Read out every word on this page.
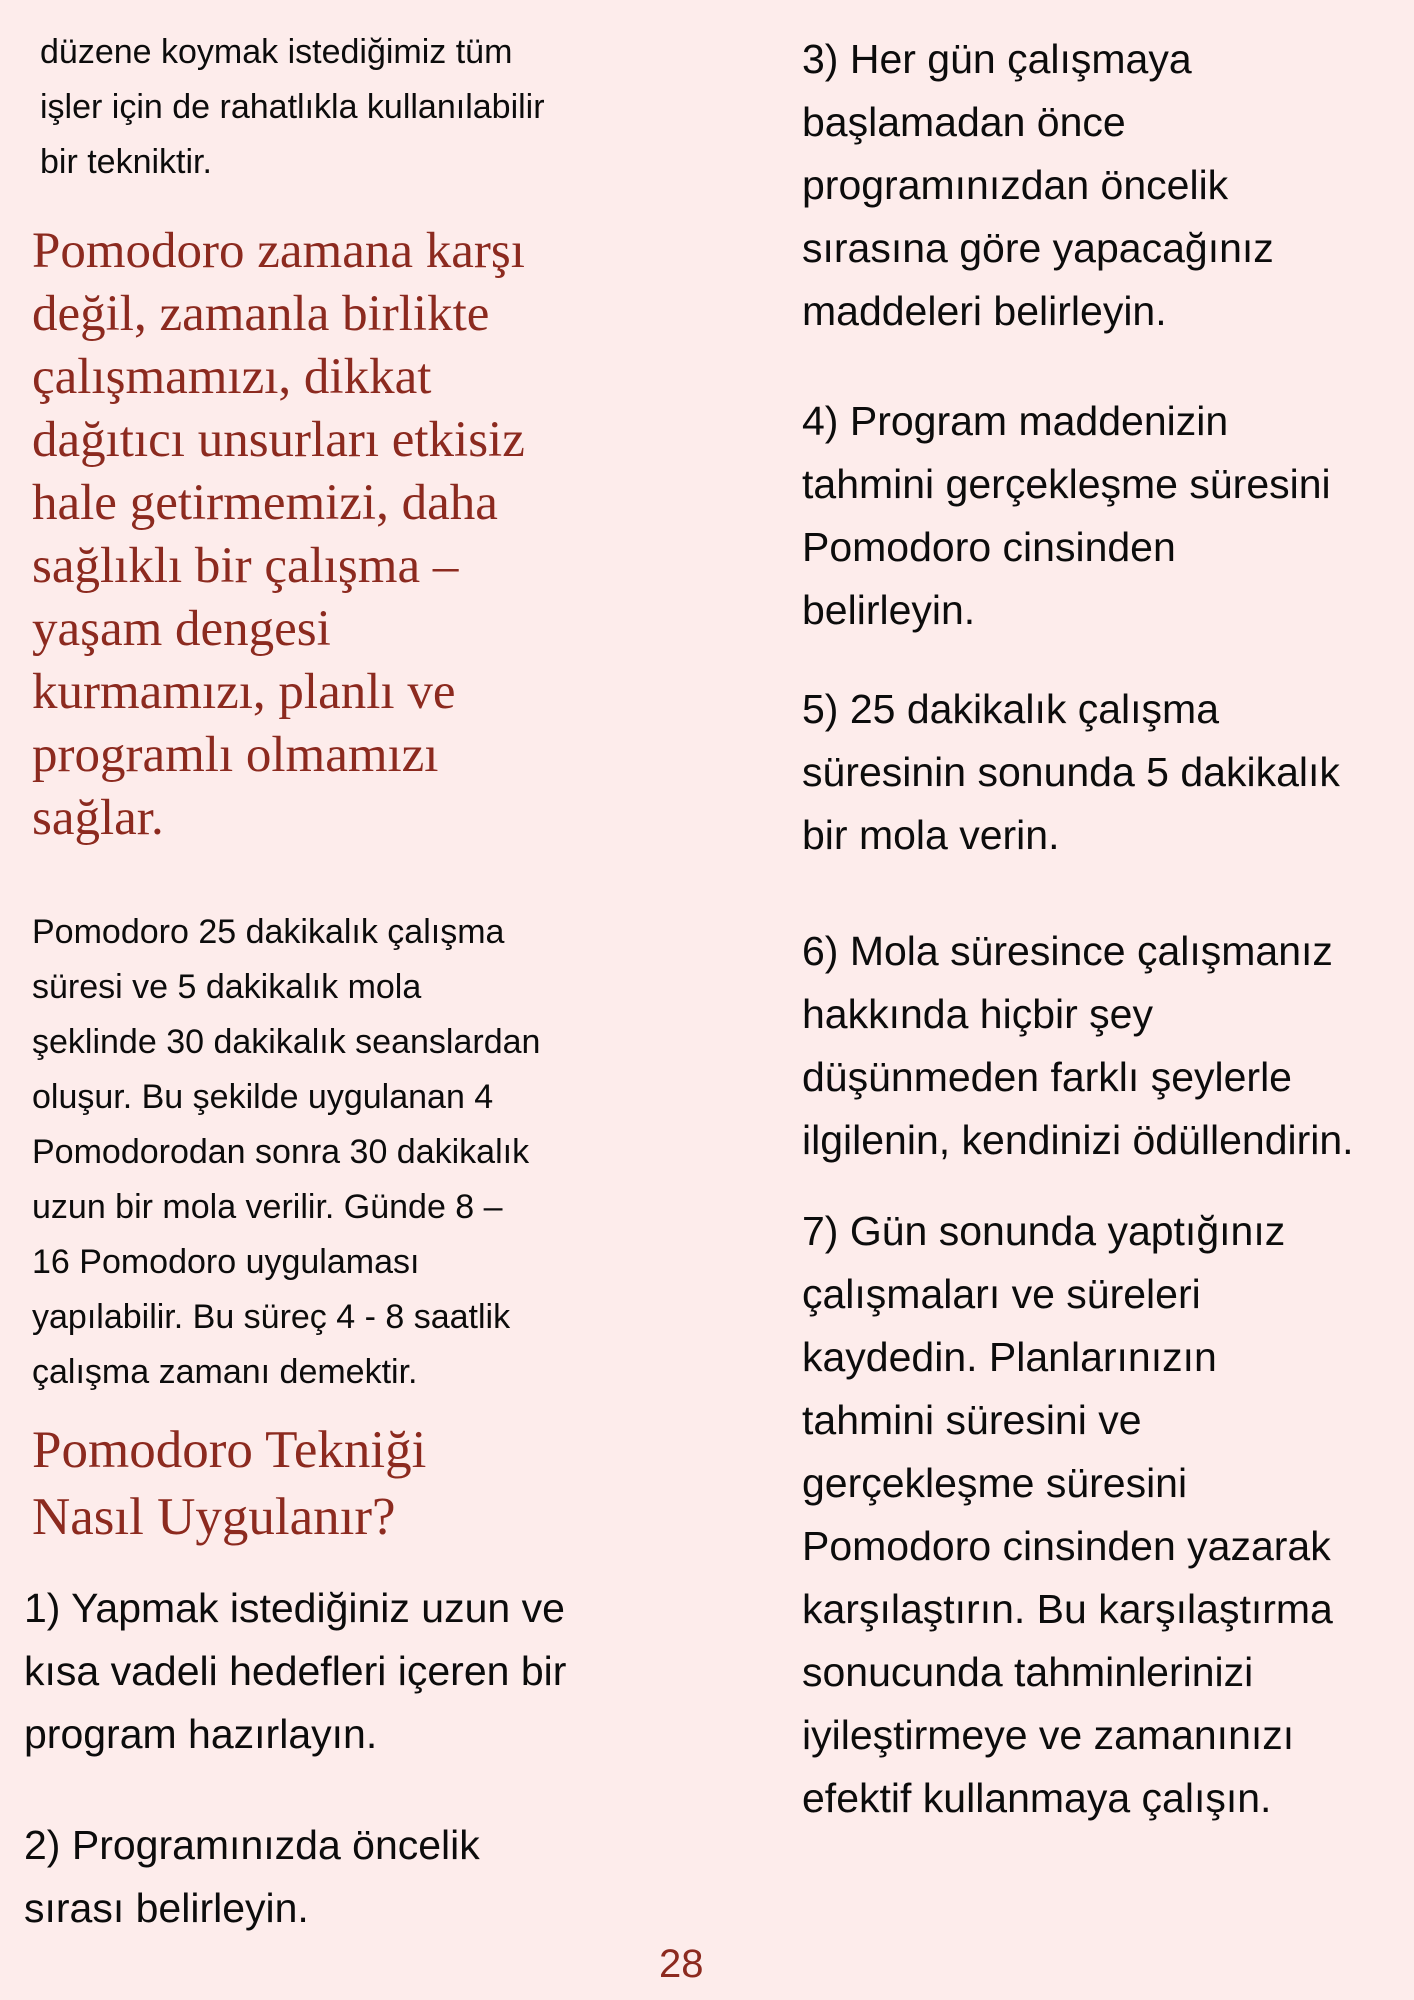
düzene koymak istediğimiz tüm

işler için de rahatlıkla kullanılabilir

bir tekniktir.

Pomodoro zamana karşı

değil, zamanla birlikte

çalışmamızı, dikkat

dağıtıcı unsurları etkisiz

hale getirmemizi, daha

sağlıklı bir çalışma –

yaşam dengesi

kurmamızı, planlı ve

programlı olmamızı

sağlar.

Pomodoro 25 dakikalık çalışma

süresi ve 5 dakikalık mola

şeklinde 30 dakikalık seanslardan

oluşur. Bu şekilde uygulanan 4

Pomodorodan sonra 30 dakikalık

uzun bir mola verilir. Günde 8 –

16 Pomodoro uygulaması

yapılabilir. Bu süreç 4 - 8 saatlik

çalışma zamanı demektir.

Pomodoro Tekniği

Nasıl Uygulanır?

1) Yapmak istediğiniz uzun ve

kısa vadeli hedefleri içeren bir

program hazırlayın.

2) Programınızda öncelik

sırası belirleyin.

3) Her gün çalışmaya

başlamadan önce

programınızdan öncelik

sırasına göre yapacağınız

maddeleri belirleyin.

4) Program maddenizin

tahmini gerçekleşme süresini

Pomodoro cinsinden

belirleyin.

5) 25 dakikalık çalışma

süresinin sonunda 5 dakikalık

bir mola verin.

6) Mola süresince çalışmanız

hakkında hiçbir şey

düşünmeden farklı şeylerle

ilgilenin, kendinizi ödüllendirin.

7) Gün sonunda yaptığınız

çalışmaları ve süreleri

kaydedin. Planlarınızın

tahmini süresini ve

gerçekleşme süresini

Pomodoro cinsinden yazarak

karşılaştırın. Bu karşılaştırma

sonucunda tahminlerinizi

iyileştirmeye ve zamanınızı

efektif kullanmaya çalışın.

28
